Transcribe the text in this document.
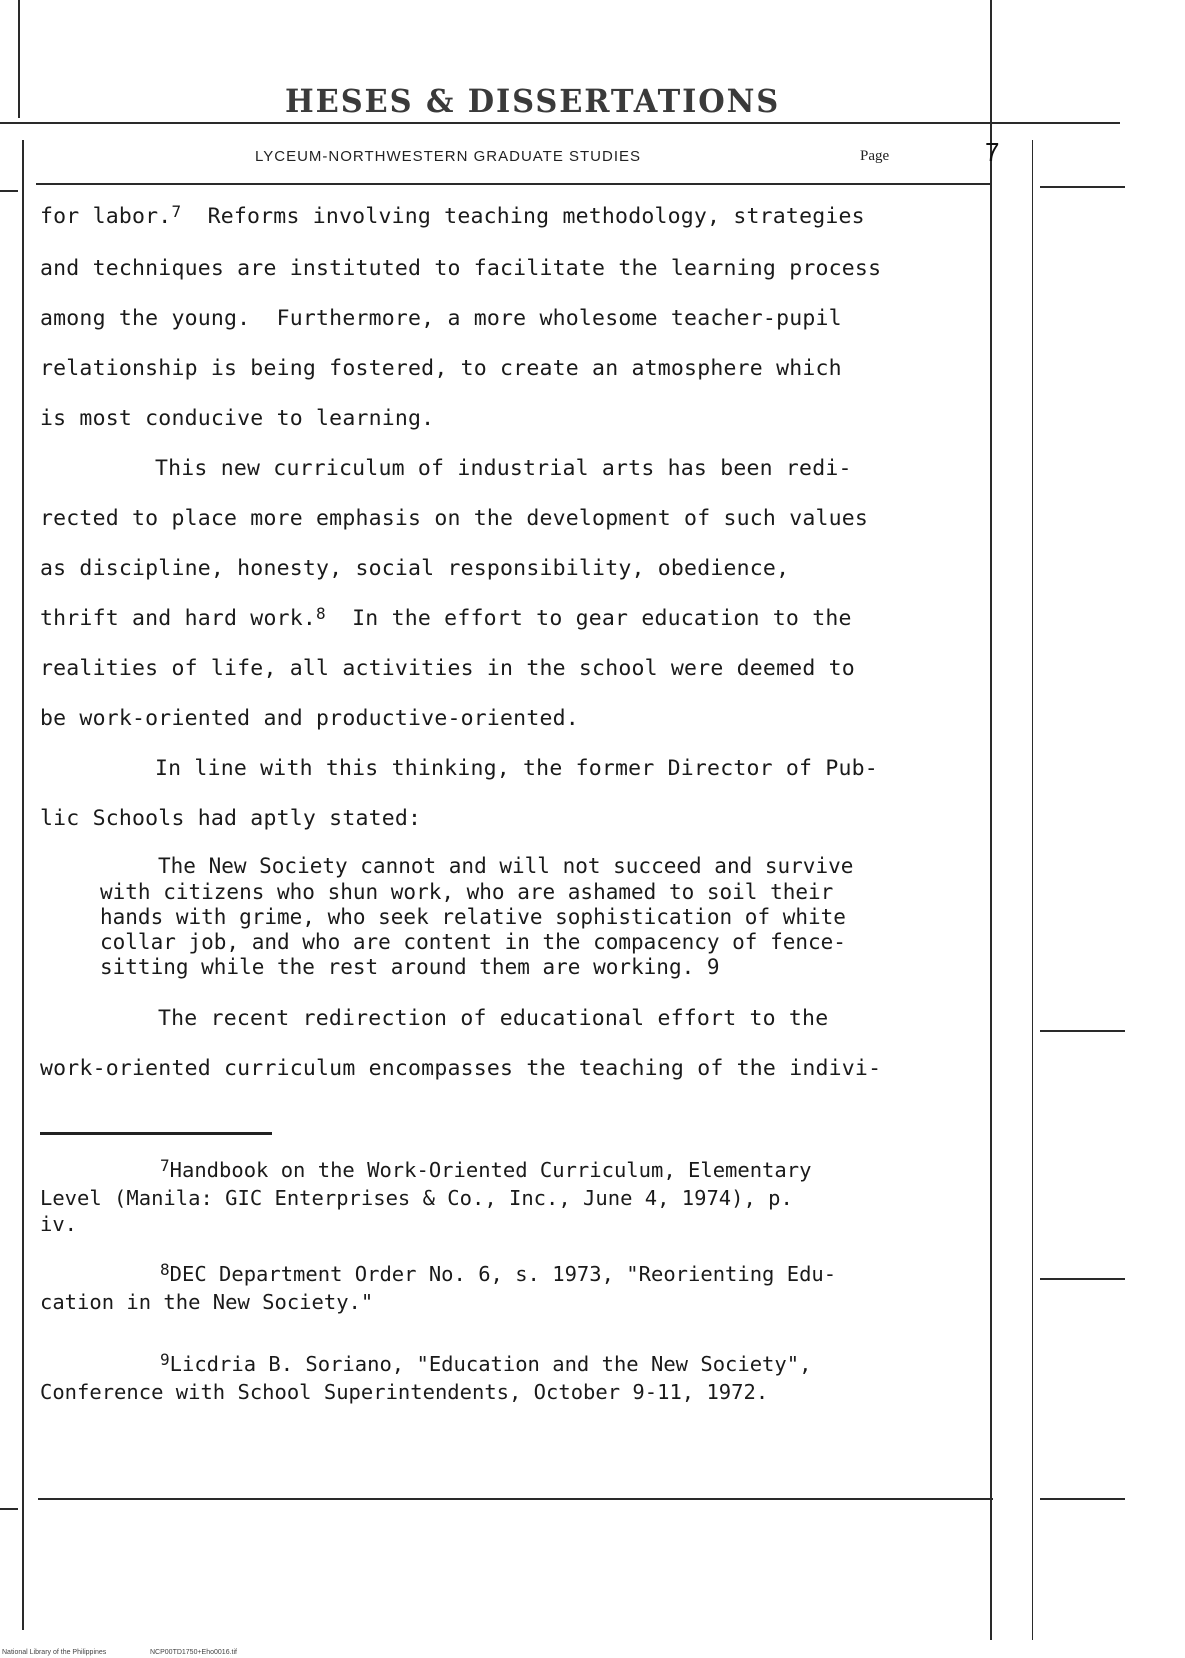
HESES & DISSERTATIONS
LYCEUM-NORTHWESTERN GRADUATE STUDIES	Page	7
for labor.$^7$  Reforms involving teaching methodology, strategies
and techniques are instituted to facilitate the learning process
among the young.  Furthermore, a more wholesome teacher-pupil
relationship is being fostered, to create an atmosphere which
is most conducive to learning.
This new curriculum of industrial arts has been redi-
rected to place more emphasis on the development of such values
as discipline, honesty, social responsibility, obedience,
thrift and hard work.$^8$  In the effort to gear education to the
realities of life, all activities in the school were deemed to
be work-oriented and productive-oriented.
In line with this thinking, the former Director of Pub-
lic Schools had aptly stated:
The New Society cannot and will not succeed and survive
with citizens who shun work, who are ashamed to soil their
hands with grime, who seek relative sophistication of white
collar job, and who are content in the compacency of fence-
sitting while the rest around them are working. 9
The recent redirection of educational effort to the
work-oriented curriculum encompasses the teaching of the indivi-
$^7$Handbook on the Work-Oriented Curriculum, Elementary
Level (Manila: GIC Enterprises & Co., Inc., June 4, 1974), p.
iv.
$^8$DEC Department Order No. 6, s. 1973, "Reorienting Edu-
cation in the New Society."
$^9$Licdria B. Soriano, "Education and the New Society",
Conference with School Superintendents, October 9-11, 1972.
National Library of the Philippines	NCP00TD1750+Eho0016.tif
